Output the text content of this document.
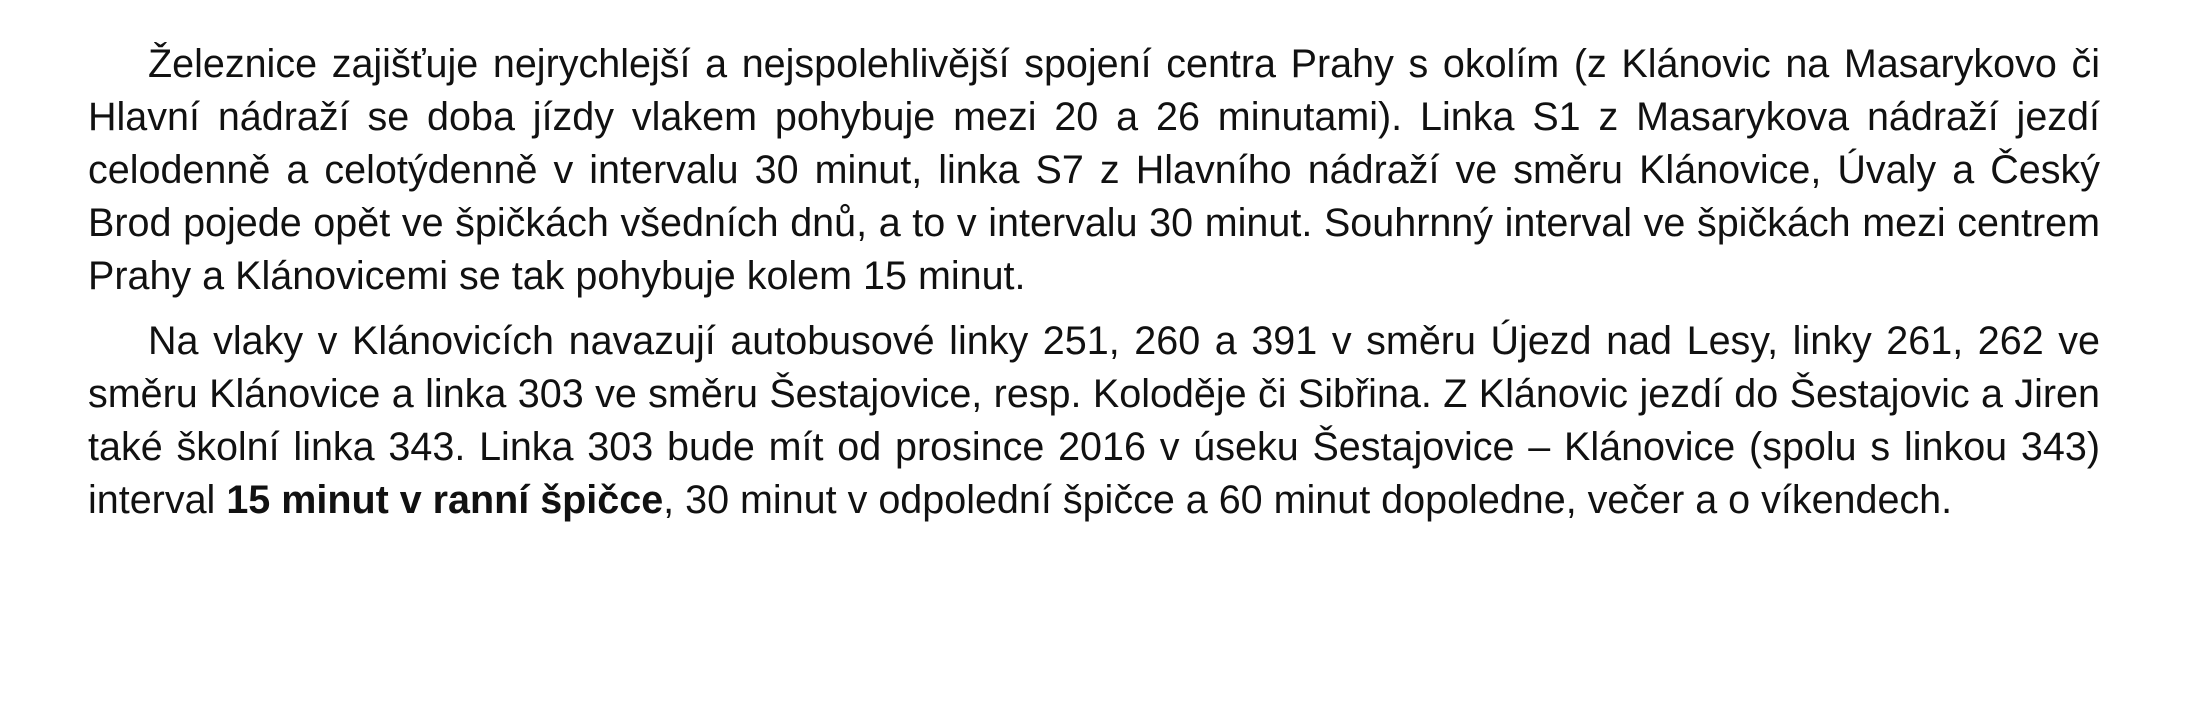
Železnice zajišťuje nejrychlejší a nejspolehlivější spojení centra Prahy s okolím (z Klánovic na Masarykovo či Hlavní nádraží se doba jízdy vlakem pohybuje mezi 20 a 26 minutami). Linka S1 z Masarykova nádraží jezdí celodenně a celotýdenně v intervalu 30 minut, linka S7 z Hlavního nádraží ve směru Klánovice, Úvaly a Český Brod pojede opět ve špičkách všedních dnů, a to v intervalu 30 minut. Souhrnný interval ve špičkách mezi centrem Prahy a Klánovicemi se tak pohybuje kolem 15 minut.

Na vlaky v Klánovicích navazují autobusové linky 251, 260 a 391 v směru Újezd nad Lesy, linky 261, 262 ve směru Klánovice a linka 303 ve směru Šestajovice, resp. Koloděje či Sibřina. Z Klánovic jezdí do Šestajovic a Jiren také školní linka 343. Linka 303 bude mít od prosince 2016 v úseku Šestajovice – Klánovice (spolu s linkou 343) interval 15 minut v ranní špičce, 30 minut v odpolední špičce a 60 minut dopoledne, večer a o víkendech.
